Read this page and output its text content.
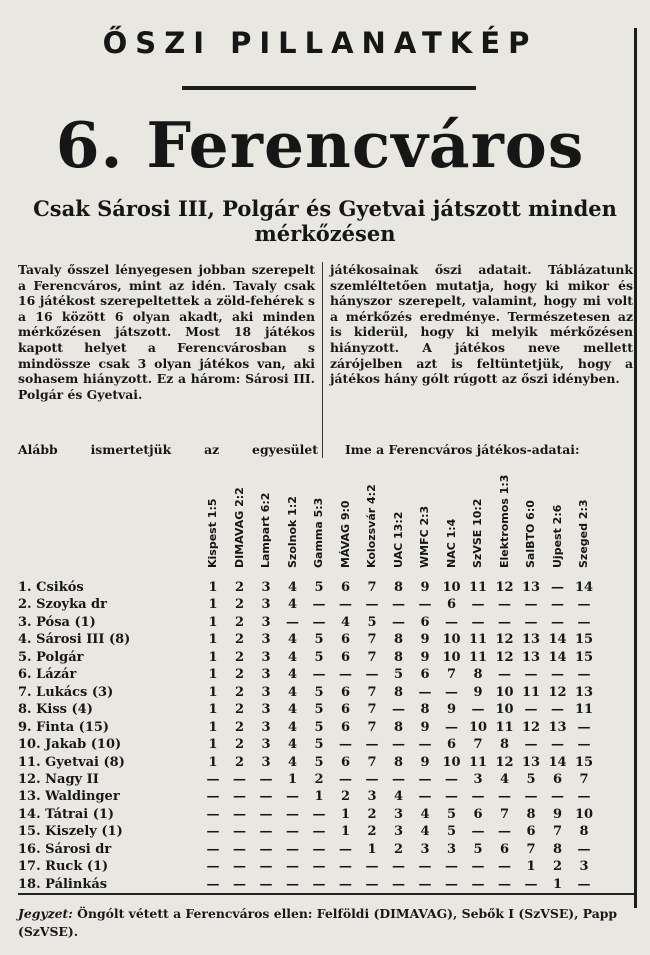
ŐSZI PILLANATKÉP
6. Ferencváros
Csak Sárosi III, Polgár és Gyetvai játszott minden mérkőzésen

Tavaly ősszel lényegesen jobban szerepelt a Ferencváros, mint az idén. Tavaly csak 16 játékost szerepeltettek a zöld-fehérek s a 16 között 6 olyan akadt, aki minden mérkőzésen játszott. Most 18 játékos kapott helyet a Ferencvárosban s mindössze csak 3 olyan játékos van, aki sohasem hiányzott. Ez a három: Sárosi III. Polgár és Gyetvai.

játékosainak őszi adatait. Táblázatunk szemléltetően mutatja, hogy ki mikor és hányszor szerepelt, valamint, hogy mi volt a mérkőzés eredménye. Természetesen az is kiderül, hogy ki melyik mérkőzésen hiányzott. A játékos neve mellett zárójelben azt is feltüntetjük, hogy a játékos hány gólt rúgott az őszi idényben.

Alább ismertetjük az egyesület Ime a Ferencváros játékos-adatai:
Kispest 1:5 DIMAVAG 2:2 Lampart 6:2 Szolnok 1:2 Gamma 5:3 MÁVAG 9:0 Kolozsvár 4:2 UAC 13:2 WMFC 2:3 NAC 1:4 SzVSE 10:2 Elektromos 1:3 SalBTO 6:0 Ujpest 2:6 Szeged 2:3
1. Csikós	1	2	3	4	5	6	7	8	9 10 11 12 13 — 14
2. Szoyka dr	1	2	3	4	—	—	—	—	—	6	—	—	—	—	—
3. Pósa (1)	1	2	3	—	—	4	5	—	6	—	—	—	—	—	—
4. Sárosi III (8)	1	2	3	4	5	6	7	8	9 10 11 12 13 14 15
5. Polgár	1	2	3	4	5	6	7	8	9 10 11 12 13 14 15
6. Lázár	1	2	3	4	—	—	—	5	6	7	8	—	—	—	—
7. Lukács (3)	1	2	3	4	5	6	7	8	—	—	9 10 11 12 13
8. Kiss (4)	1	2	3	4	5	6	7	—	8	9	— 10 —	— 11
9. Finta (15)	1	2	3	4	5	6	7	8	9	— 10 11 12 13 —
10. Jakab (10)	1	2	3	4	5	—	—	—	—	6	7	8	—	—	—
11. Gyetvai (8)	1	2	3	4	5	6	7	8	9 10 11 12 13 14 15
12. Nagy II	—	—	—	1	2	—	—	—	—	—	3	4	5	6	7
13. Waldinger	—	—	—	—	1	2	3	4	—	—	—	—	—	—	—
14. Tátrai (1)	—	—	—	—	—	1	2	3	4	5	6	7	8	9 10
15. Kiszely (1)	—	—	—	—	—	1	2	3	4	5	—	—	6	7	8
16. Sárosi dr	—	—	—	—	—	—	1	2	3	3	5	6	7	8	—
17. Ruck (1)	—	—	—	—	—	—	—	—	—	—	—	—	1	2	3
18. Pálinkás	—	—	—	—	—	—	—	—	—	—	—	—	—	1	—
Jegyzet: Öngólt vétett a Ferencváros ellen: Felföldi (DIMAVAG), Sebők I (SzVSE), Papp (SzVSE).
